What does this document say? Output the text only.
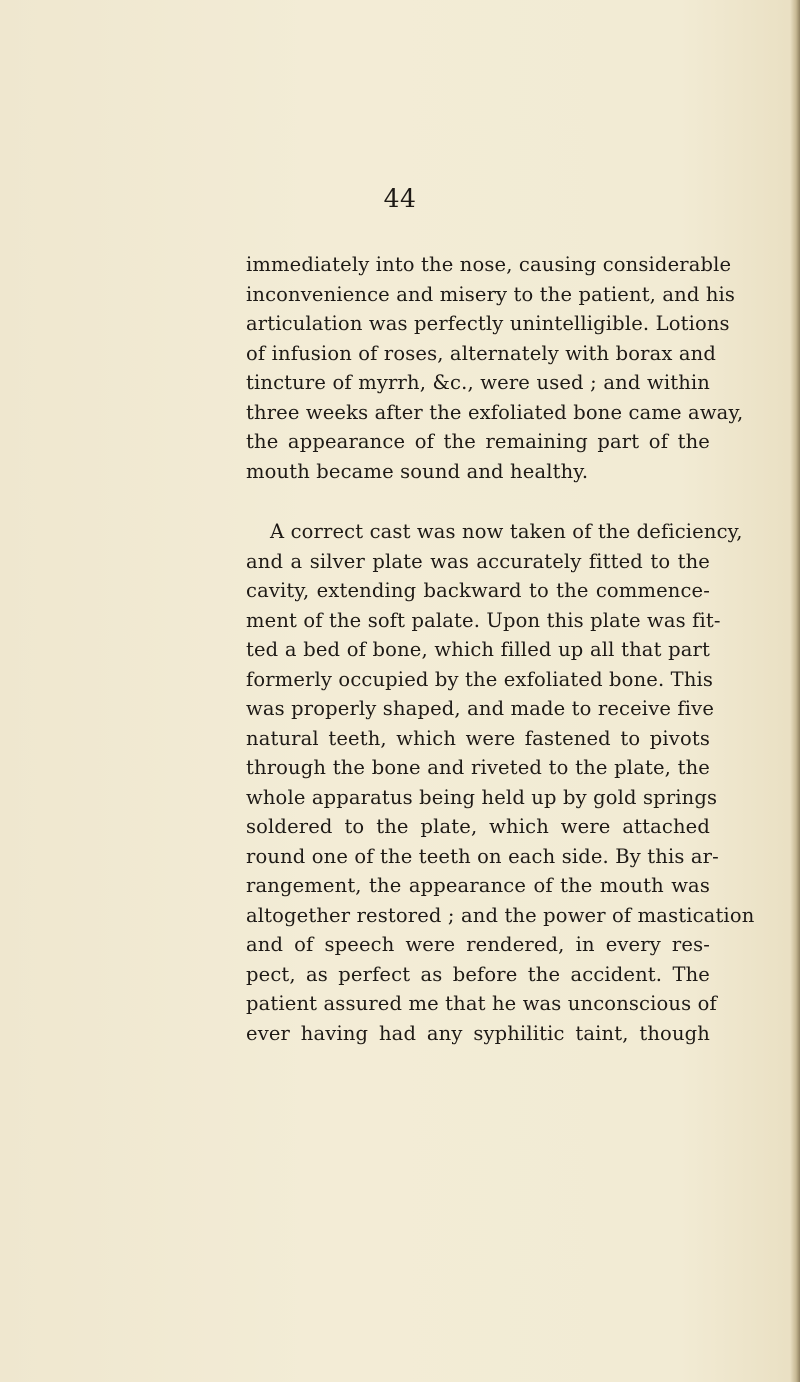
44
immediately into the nose, causing considerable
inconvenience and misery to the patient, and his
articulation was perfectly unintelligible. Lotions
of infusion of roses, alternately with borax and
tincture of myrrh, &c., were used ; and within
three weeks after the exfoliated bone came away,
the appearance of the remaining part of the
mouth became sound and healthy.
A correct cast was now taken of the deficiency,
and a silver plate was accurately fitted to the
cavity, extending backward to the commence-
ment of the soft palate. Upon this plate was fit-
ted a bed of bone, which filled up all that part
formerly occupied by the exfoliated bone. This
was properly shaped, and made to receive five
natural teeth, which were fastened to pivots
through the bone and riveted to the plate, the
whole apparatus being held up by gold springs
soldered to the plate, which were attached
round one of the teeth on each side. By this ar-
rangement, the appearance of the mouth was
altogether restored ; and the power of mastication
and of speech were rendered, in every res-
pect, as perfect as before the accident. The
patient assured me that he was unconscious of
ever having had any syphilitic taint, though
